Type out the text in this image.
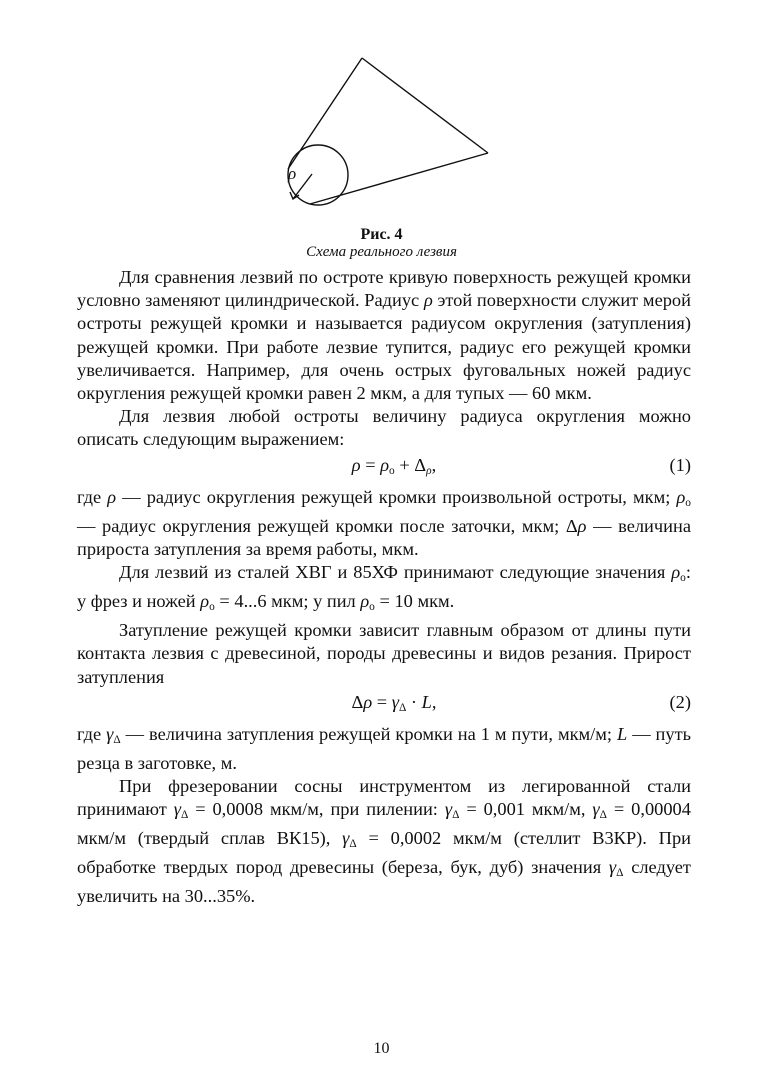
ρ
Рис. 4
Схема реального лезвия

Для сравнения лезвий по остроте кривую поверхность режущей кромки условно заменяют цилиндрической. Радиус ρ этой поверхности служит мерой остроты режущей кромки и называется радиусом округления (затупления) режущей кромки. При работе лезвие тупится, радиус его режущей кромки увеличивается. Например, для очень острых фуговальных ножей радиус округления режущей кромки равен 2 мкм, а для тупых — 60 мкм.

Для лезвия любой остроты величину радиуса округления можно описать следующим выражением:

$\rho = \rho_о + \Delta_\rho$,	(1)

где ρ — радиус округления режущей кромки произвольной остроты, мкм; $\rho_о$ — радиус округления режущей кромки после заточки, мкм; Δρ — величина прироста затупления за время работы, мкм.

Для лезвий из сталей ХВГ и 85ХФ принимают следующие значения $\rho_о$: у фрез и ножей $\rho_о = 4...6$ мкм; у пил $\rho_о = 10$ мкм.

Затупление режущей кромки зависит главным образом от длины пути контакта лезвия с древесиной, породы древесины и видов резания. Прирост затупления

$\Delta\rho = \gamma_\Delta \cdot L$,	(2)

где $\gamma_\Delta$ — величина затупления режущей кромки на 1 м пути, мкм/м; L — путь резца в заготовке, м.

При фрезеровании сосны инструментом из легированной стали принимают $\gamma_\Delta = 0,0008$ мкм/м, при пилении: $\gamma_\Delta = 0,001$ мкм/м, $\gamma_\Delta = 0,00004$ мкм/м (твердый сплав ВК15), $\gamma_\Delta = 0,0002$ мкм/м (стеллит В3КР). При обработке твердых пород древесины (береза, бук, дуб) значения $\gamma_\Delta$ следует увеличить на 30...35%.

10
